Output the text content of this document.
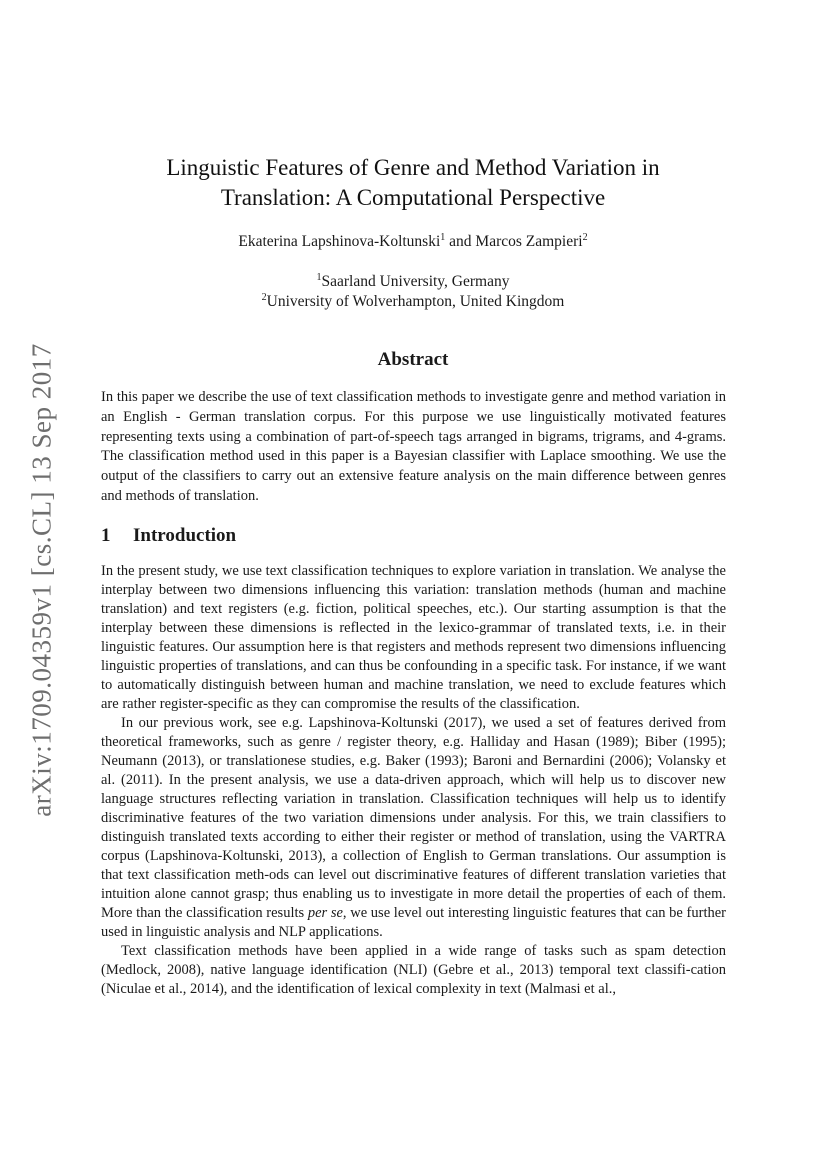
arXiv:1709.04359v1 [cs.CL] 13 Sep 2017
Linguistic Features of Genre and Method Variation in
Translation: A Computational Perspective
Ekaterina Lapshinova-Koltunski$^1$ and Marcos Zampieri$^2$
$^1$Saarland University, Germany
$^2$University of Wolverhampton, United Kingdom
Abstract

In this paper we describe the use of text classification methods to investigate genre and method variation in an English - German translation corpus. For this purpose we use linguistically motivated features representing texts using a combination of part-of-speech tags arranged in bigrams, trigrams, and 4-grams. The classification method used in this paper is a Bayesian classifier with Laplace smoothing. We use the output of the classifiers to carry out an extensive feature analysis on the main difference between genres and methods of translation.

1 Introduction

In the present study, we use text classification techniques to explore variation in translation. We analyse the interplay between two dimensions influencing this variation: translation methods (human and machine translation) and text registers (e.g. fiction, political speeches, etc.). Our starting assumption is that the interplay between these dimensions is reflected in the lexico-grammar of translated texts, i.e. in their linguistic features. Our assumption here is that registers and methods represent two dimensions influencing linguistic properties of translations, and can thus be confounding in a specific task. For instance, if we want to automatically distinguish between human and machine translation, we need to exclude features which are rather register-specific as they can compromise the results of the classification.

In our previous work, see e.g. Lapshinova-Koltunski (2017), we used a set of features derived from theoretical frameworks, such as genre / register theory, e.g. Halliday and Hasan (1989); Biber (1995); Neumann (2013), or translationese studies, e.g. Baker (1993); Baroni and Bernardini (2006); Volansky et al. (2011). In the present analysis, we use a data-driven approach, which will help us to discover new language structures reflecting variation in translation. Classification techniques will help us to identify discriminative features of the two variation dimensions under analysis. For this, we train classifiers to distinguish translated texts according to either their register or method of translation, using the VARTRA corpus (Lapshinova-Koltunski, 2013), a collection of English to German translations. Our assumption is that text classification meth-ods can level out discriminative features of different translation varieties that intuition alone cannot grasp; thus enabling us to investigate in more detail the properties of each of them. More than the classification results per se, we use level out interesting linguistic features that can be further used in linguistic analysis and NLP applications.

Text classification methods have been applied in a wide range of tasks such as spam detection (Medlock, 2008), native language identification (NLI) (Gebre et al., 2013) temporal text classifi-cation (Niculae et al., 2014), and the identification of lexical complexity in text (Malmasi et al.,
